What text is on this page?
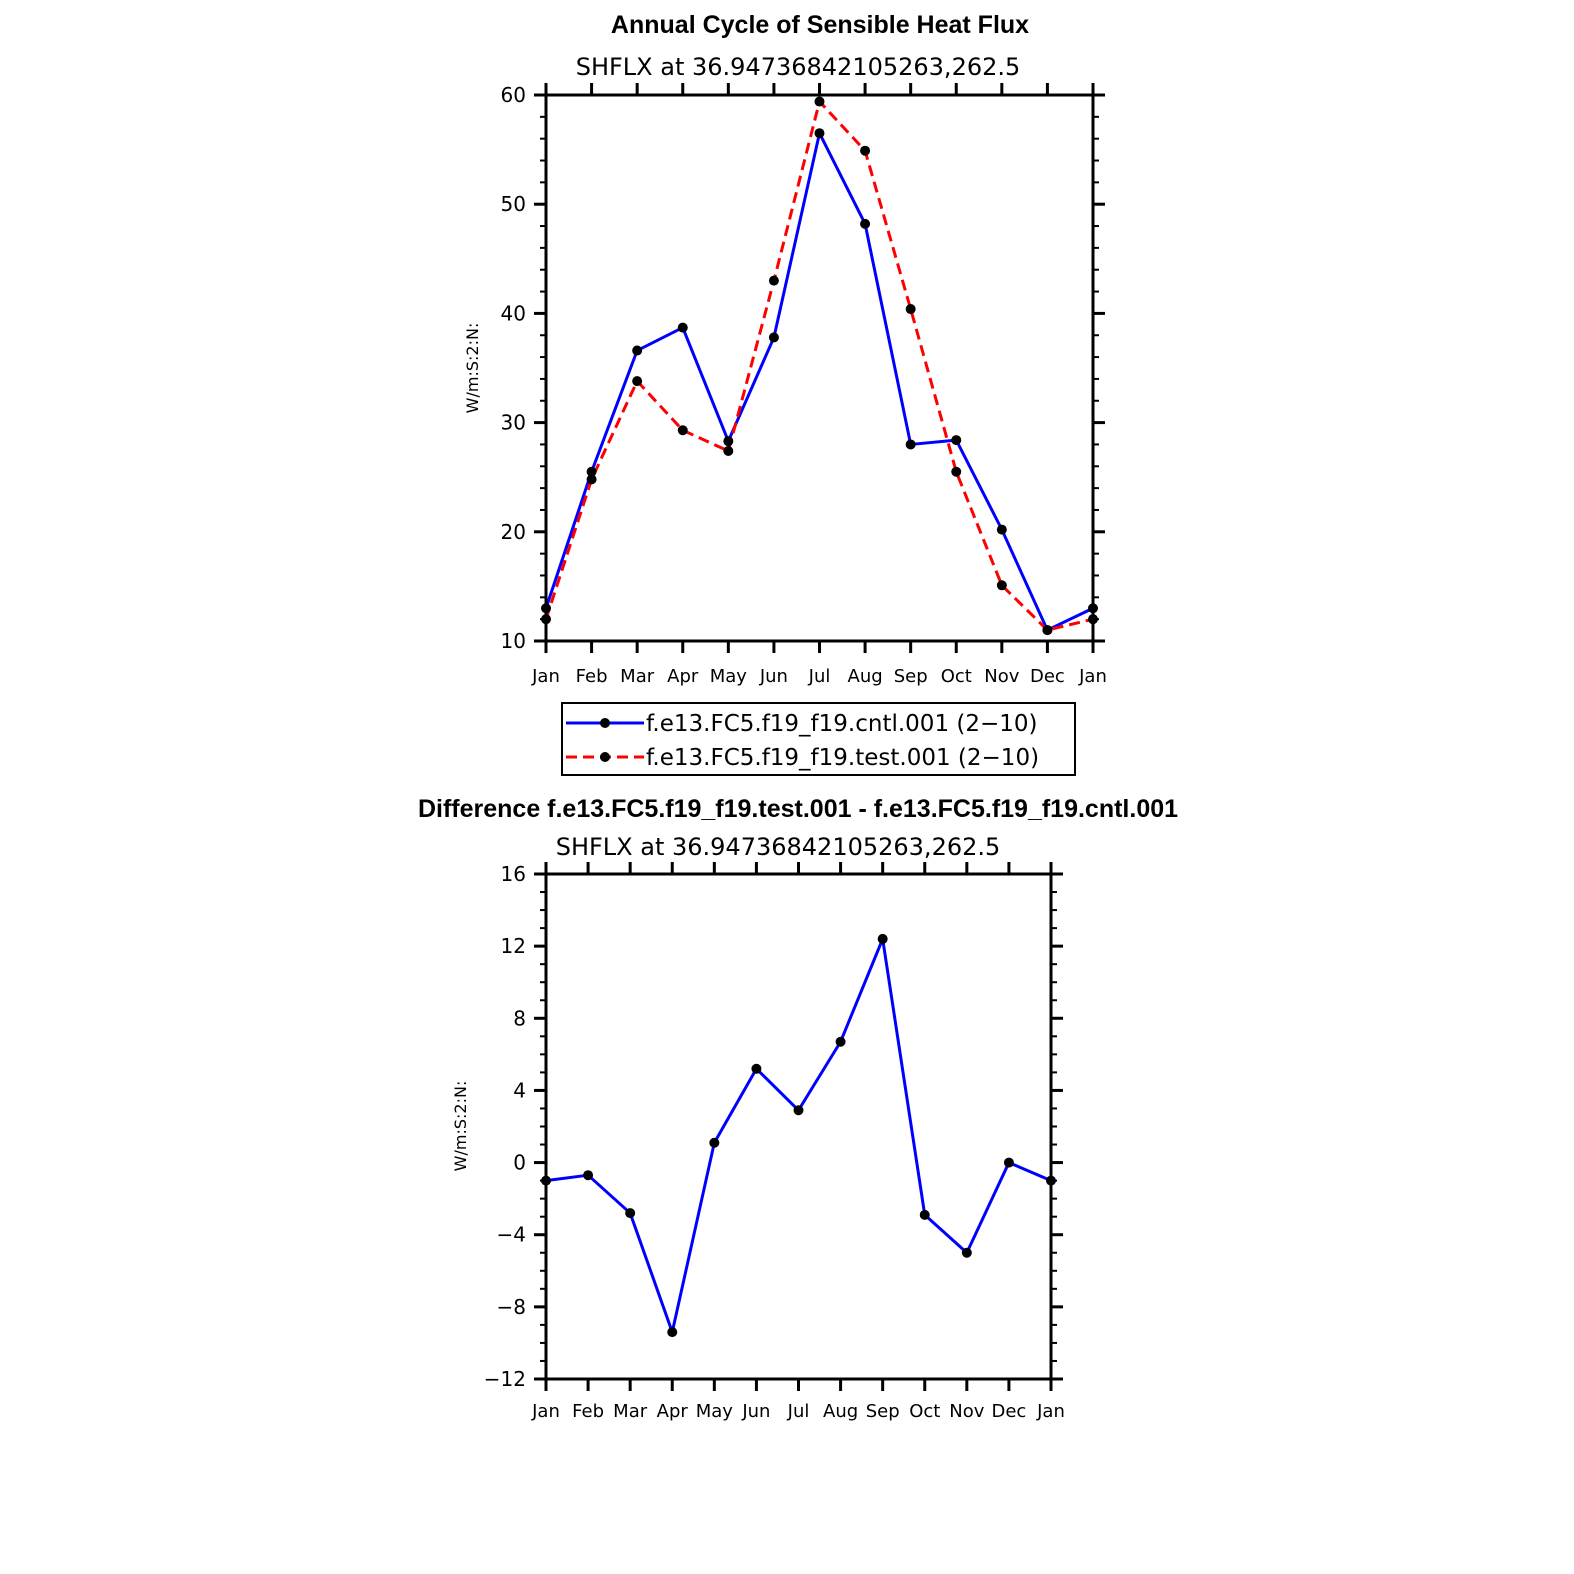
Annual Cycle of Sensible Heat Flux
SHFLX at 36.94736842105263,262.5
W/m:S:2:N:
Jan Feb Mar Apr May Jun Jul Aug Sep Oct Nov Dec Jan
10
20
30
40
50
60
f.e13.FC5.f19_f19.cntl.001 (2−10)
f.e13.FC5.f19_f19.test.001 (2−10)
Difference f.e13.FC5.f19_f19.test.001 - f.e13.FC5.f19_f19.cntl.001
SHFLX at 36.94736842105263,262.5
W/m:S:2:N:
Jan Feb Mar Apr May Jun Jul Aug Sep Oct Nov Dec Jan
−12
−8
−4
0
4
8
12
16
